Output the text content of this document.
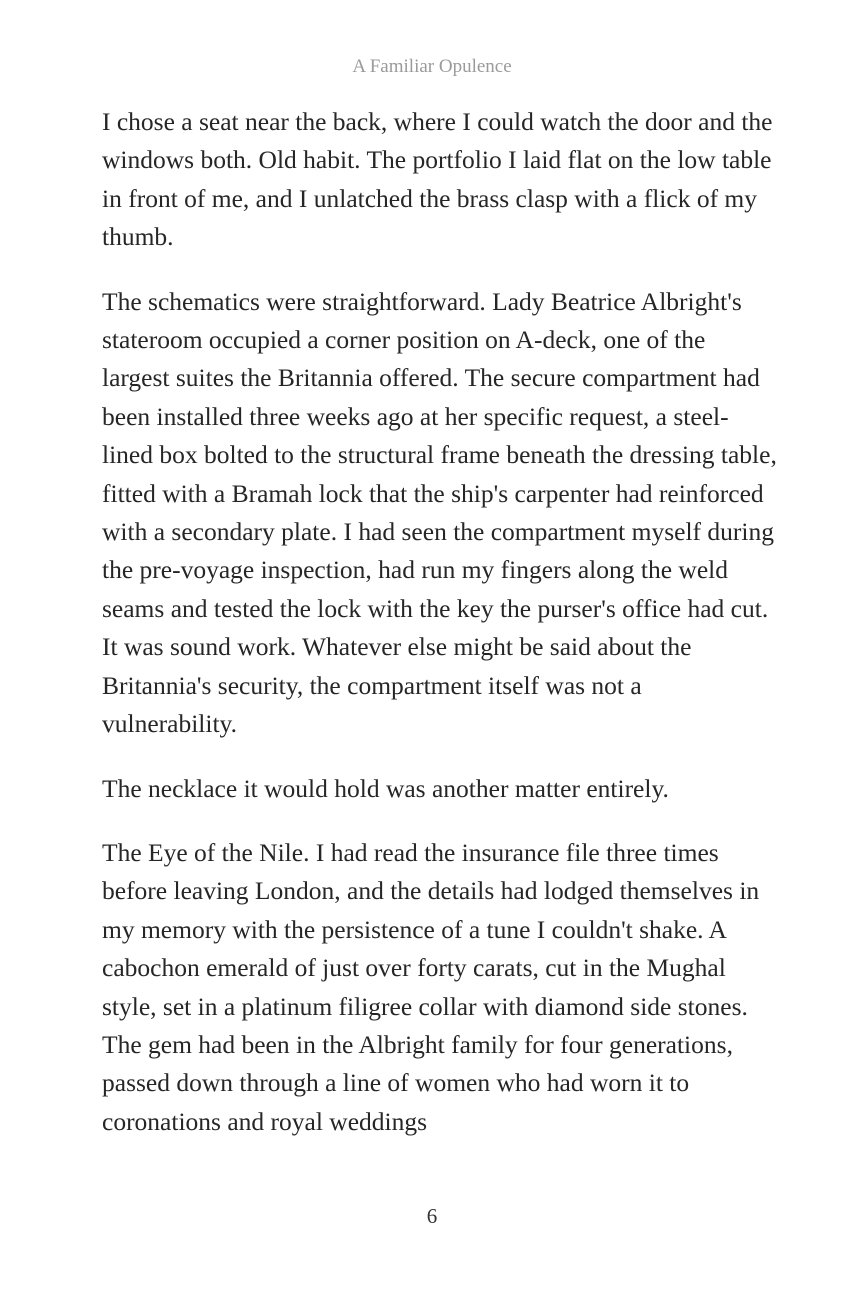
A Familiar Opulence

I chose a seat near the back, where I could watch the door and the windows both. Old habit. The portfolio I laid flat on the low table in front of me, and I unlatched the brass clasp with a flick of my thumb.

The schematics were straightforward. Lady Beatrice Albright's stateroom occupied a corner position on A-deck, one of the largest suites the Britannia offered. The secure compartment had been installed three weeks ago at her specific request, a steel-lined box bolted to the structural frame beneath the dressing table, fitted with a Bramah lock that the ship's carpenter had reinforced with a secondary plate. I had seen the compartment myself during the pre-voyage inspection, had run my fingers along the weld seams and tested the lock with the key the purser's office had cut. It was sound work. Whatever else might be said about the Britannia's security, the compartment itself was not a vulnerability.

The necklace it would hold was another matter entirely.

The Eye of the Nile. I had read the insurance file three times before leaving London, and the details had lodged themselves in my memory with the persistence of a tune I couldn't shake. A cabochon emerald of just over forty carats, cut in the Mughal style, set in a platinum filigree collar with diamond side stones. The gem had been in the Albright family for four generations, passed down through a line of women who had worn it to coronations and royal weddings

6
